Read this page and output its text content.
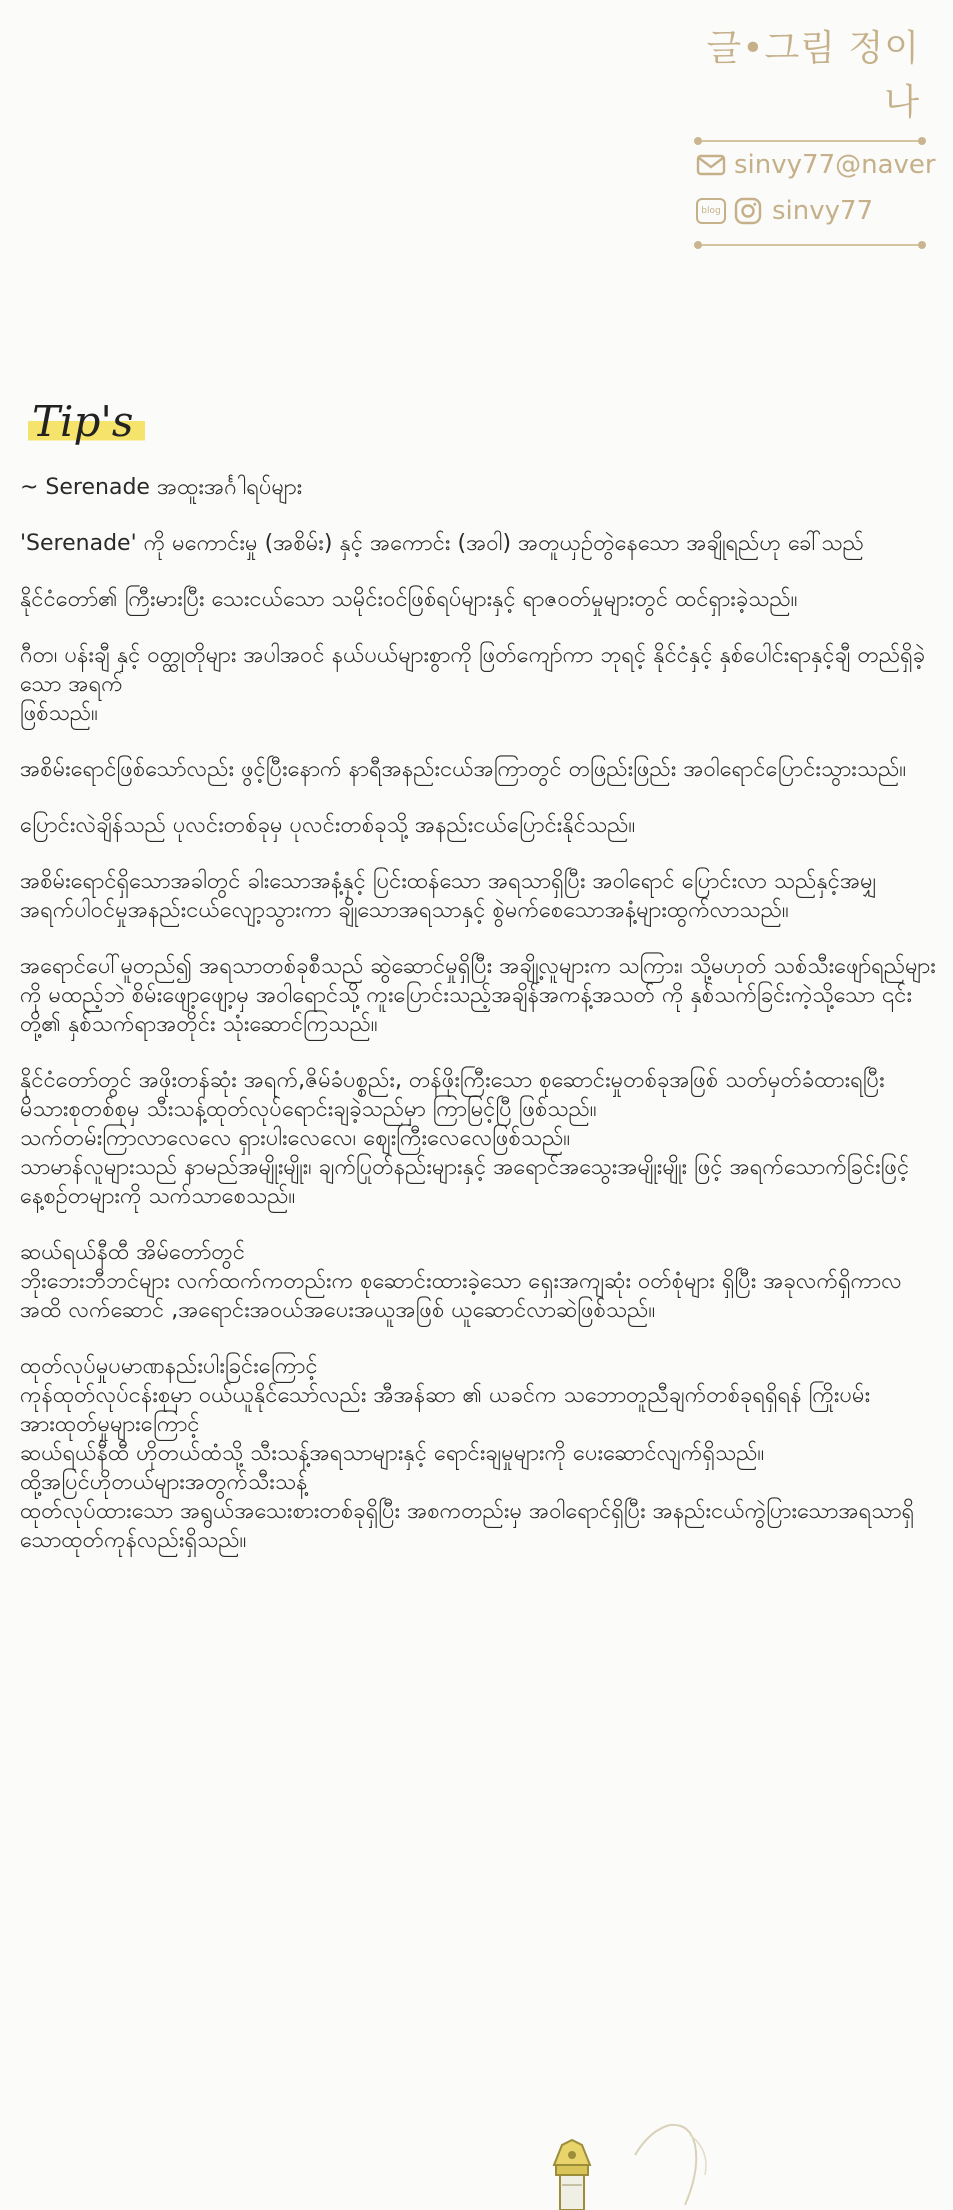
글•그림 정이나
sinvy77@naver
blog sinvy77
Tip's

~ Serenade အထူးအင်္ဂါရပ်များ

'Serenade' ကို မကောင်းမှု (အစိမ်း) နှင့် အကောင်း (အဝါ) အတူယှဉ်တွဲနေသော အချိုရည်ဟု ခေါ်သည်

နိုင်ငံတော်၏ ကြီးမားပြီး သေးငယ်သော သမိုင်းဝင်ဖြစ်ရပ်များနှင့် ရာဇဝတ်မှုများတွင် ထင်ရှားခဲ့သည်။

ဂီတ၊ ပန်းချီ နှင့် ဝတ္ထုတိုများ အပါအဝင် နယ်ပယ်များစွာကို ဖြတ်ကျော်ကာ ဘုရင့် နိုင်ငံနှင့် နှစ်ပေါင်းရာနှင့်ချီ တည်ရှိခဲ့သော အရက်
ဖြစ်သည်။

အစိမ်းရောင်ဖြစ်သော်လည်း ဖွင့်ပြီးနောက် နာရီအနည်းငယ်အကြာတွင် တဖြည်းဖြည်း အဝါရောင်ပြောင်းသွားသည်။

ပြောင်းလဲချိန်သည် ပုလင်းတစ်ခုမှ ပုလင်းတစ်ခုသို့ အနည်းငယ်ပြောင်းနိုင်သည်။

အစိမ်းရောင်ရှိသောအခါတွင် ခါးသောအနံ့နှင့် ပြင်းထန်သော အရသာရှိပြီး အဝါရောင် ပြောင်းလာ သည်နှင့်အမျှ အရက်ပါဝင်မှုအနည်းငယ်လျော့သွားကာ ချိုသောအရသာနှင့် စွဲမက်စေသောအနံ့များထွက်လာသည်။

အရောင်ပေါ်မူတည်၍ အရသာတစ်ခုစီသည် ဆွဲဆောင်မှုရှိပြီး အချို့လူများက သကြား၊ သို့မဟုတ် သစ်သီးဖျော်ရည်များကို မထည့်ဘဲ စိမ်းဖျော့ဖျော့မှ အဝါရောင်သို့ ကူးပြောင်းသည့်အချိန်အကန့်အသတ် ကို နှစ်သက်ခြင်းကဲ့သို့သော ၎င်းတို့၏ နှစ်သက်ရာအတိုင်း သုံးဆောင်ကြသည်။

နိုင်ငံတော်တွင် အဖိုးတန်ဆုံး အရက်,ဇိမ်ခံပစ္စည်း, တန်ဖိုးကြီးသော စုဆောင်းမှုတစ်ခုအဖြစ် သတ်မှတ်ခံထားရပြီး မိသားစုတစ်စုမှ သီးသန့်ထုတ်လုပ်ရောင်းချခဲ့သည်မှာ ကြာမြင့်ပြီ ဖြစ်သည်။
သက်တမ်းကြာလာလေလေ ရှားပါးလေလေ၊ ဈေးကြီးလေလေဖြစ်သည်။
သာမာန်လူများသည် နာမည်အမျိုးမျိုး၊ ချက်ပြုတ်နည်းများနှင့် အရောင်အသွေးအမျိုးမျိုး ဖြင့် အရက်သောက်ခြင်းဖြင့် နေ့စဉ်တများကို သက်သာစေသည်။

ဆယ်ရယ်နီထီ အိမ်တော်တွင်
ဘိုးဘေးဘီဘင်များ လက်ထက်ကတည်းက စုဆောင်းထားခဲ့သော ရှေးအကျဆုံး ဝတ်စုံများ ရှိပြီး အခုလက်ရှိကာလအထိ လက်ဆောင် ,အရောင်းအဝယ်အပေးအယူအဖြစ် ယူဆောင်လာဆဲဖြစ်သည်။

ထုတ်လုပ်မှုပမာဏနည်းပါးခြင်းကြောင့်
ကုန်ထုတ်လုပ်ငန်းစုမှာ ဝယ်ယူနိုင်သော်လည်း အီအန်ဆာ ၏ ယခင်က သဘောတူညီချက်တစ်ခုရရှိရန် ကြိုးပမ်းအားထုတ်မှုများကြောင့်
ဆယ်ရယ်နီထီ ဟိုတယ်ထံသို့ သီးသန့်အရသာများနှင့် ရောင်းချမှုများကို ပေးဆောင်လျက်ရှိသည်။
ထို့အပြင်ဟိုတယ်များအတွက်သီးသန့်
ထုတ်လုပ်ထားသော အရွယ်အသေးစားတစ်ခုရှိပြီး အစကတည်းမှ အဝါရောင်ရှိပြီး အနည်းငယ်ကွဲပြားသောအရသာရှိသောထုတ်ကုန်လည်းရှိသည်။
